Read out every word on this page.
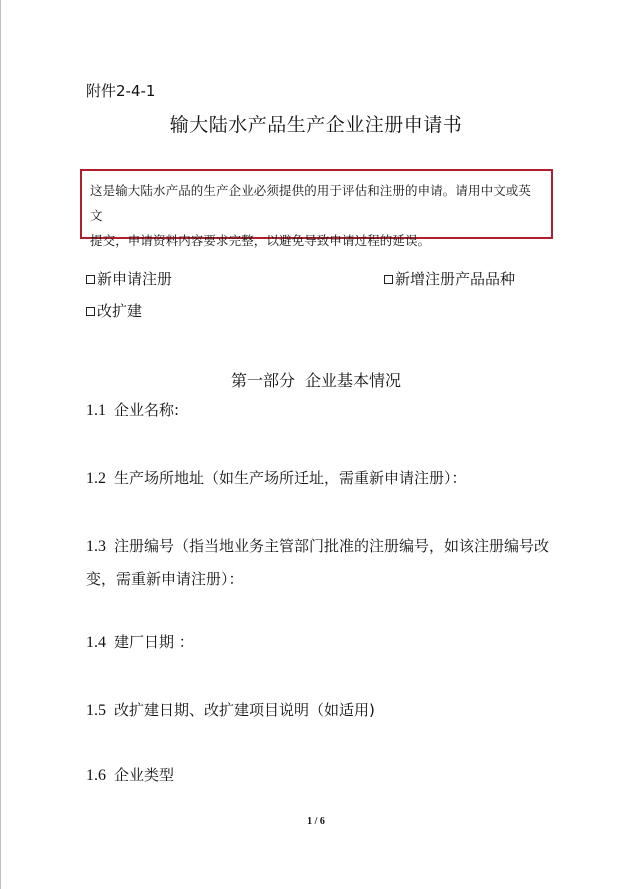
附件2-4-1
输大陆水产品生产企业注册申请书
这是输大陆水产品的生产企业必须提供的用于评估和注册的申请。请用中文或英文
提交，申请资料内容要求完整，以避免导致申请过程的延误。
新申请注册	新增注册产品品种
改扩建
第一部分 企业基本情况
1.1 企业名称:
1.2 生产场所地址（如生产场所迁址，需重新申请注册）：
1.3 注册编号（指当地业务主管部门批准的注册编号，如该注册编号改变，需重新申请注册）：
1.4 建厂日期 ：
1.5 改扩建日期、改扩建项目说明（如适用)
1.6 企业类型
1 / 6
